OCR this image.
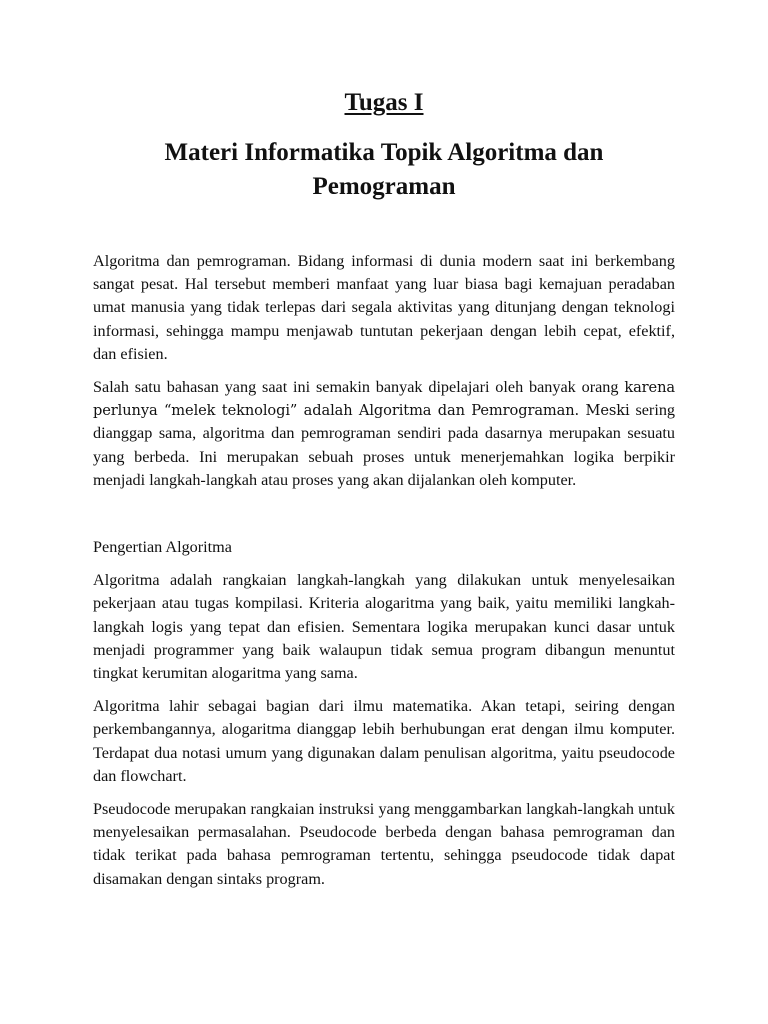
Tugas I
Materi Informatika Topik Algoritma dan
Pemograman

Algoritma dan pemrograman. Bidang informasi di dunia modern saat ini berkembang sangat pesat. Hal tersebut memberi manfaat yang luar biasa bagi kemajuan peradaban umat manusia yang tidak terlepas dari segala aktivitas yang ditunjang dengan teknologi informasi, sehingga mampu menjawab tuntutan pekerjaan dengan lebih cepat, efektif, dan efisien.

Salah satu bahasan yang saat ini semakin banyak dipelajari oleh banyak orang karena perlunya “melek teknologi” adalah Algoritma dan Pemrograman. Meski sering dianggap sama, algoritma dan pemrograman sendiri pada dasarnya merupakan sesuatu yang berbeda. Ini merupakan sebuah proses untuk menerjemahkan logika berpikir menjadi langkah-langkah atau proses yang akan dijalankan oleh komputer.

Pengertian Algoritma

Algoritma adalah rangkaian langkah-langkah yang dilakukan untuk menyelesaikan pekerjaan atau tugas kompilasi. Kriteria alogaritma yang baik, yaitu memiliki langkah-langkah logis yang tepat dan efisien. Sementara logika merupakan kunci dasar untuk menjadi programmer yang baik walaupun tidak semua program dibangun menuntut tingkat kerumitan alogaritma yang sama.

Algoritma lahir sebagai bagian dari ilmu matematika. Akan tetapi, seiring dengan perkembangannya, alogaritma dianggap lebih berhubungan erat dengan ilmu komputer. Terdapat dua notasi umum yang digunakan dalam penulisan algoritma, yaitu pseudocode dan flowchart.

Pseudocode merupakan rangkaian instruksi yang menggambarkan langkah-langkah untuk menyelesaikan permasalahan. Pseudocode berbeda dengan bahasa pemrograman dan tidak terikat pada bahasa pemrograman tertentu, sehingga pseudocode tidak dapat disamakan dengan sintaks program.
